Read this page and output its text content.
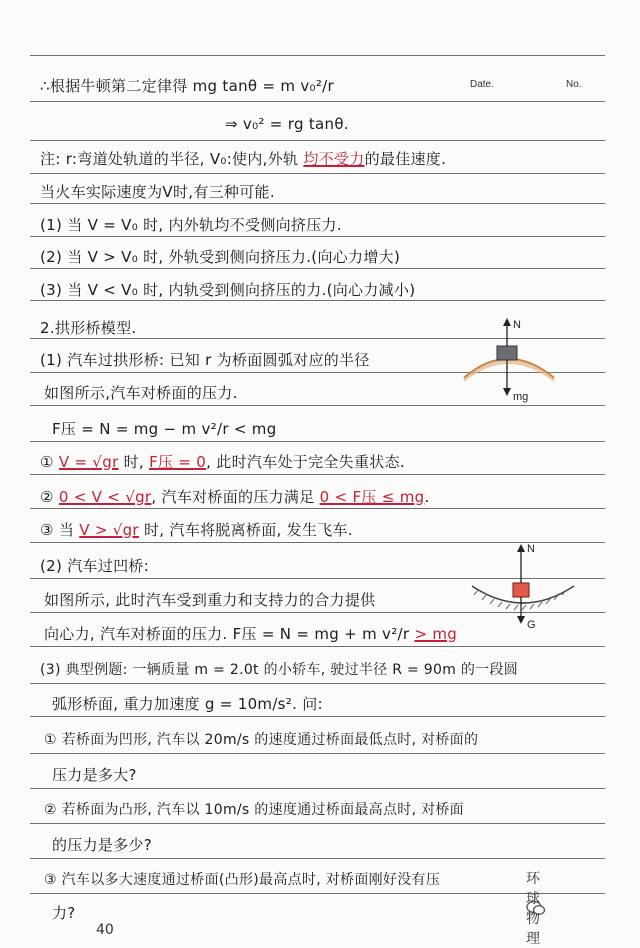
Date.	No.
∴根据牛顿第二定律得 mg tanθ = m v₀²/r
⇒ v₀² = rg tanθ.
注: r:弯道处轨道的半径, V₀:使内,外轨 均不受力的最佳速度.
当火车实际速度为V时,有三种可能.
(1) 当 V = V₀ 时, 内外轨均不受侧向挤压力.
(2) 当 V > V₀ 时, 外轨受到侧向挤压力.(向心力增大)
(3) 当 V < V₀ 时, 内轨受到侧向挤压的力.(向心力减小)
2.拱形桥模型.
(1) 汽车过拱形桥: 已知 r 为桥面圆弧对应的半径
如图所示,汽车对桥面的压力.
F压 = N = mg − m v²/r < mg
① V = √gr 时, F压 = 0, 此时汽车处于完全失重状态.
② 0 < V < √gr, 汽车对桥面的压力满足 0 < F压 ≤ mg.
③ 当 V > √gr 时, 汽车将脱离桥面, 发生飞车.
(2) 汽车过凹桥:
如图所示, 此时汽车受到重力和支持力的合力提供
向心力, 汽车对桥面的压力. F压 = N = mg + m v²/r > mg
(3) 典型例题: 一辆质量 m = 2.0t 的小轿车, 驶过半径 R = 90m 的一段圆
弧形桥面, 重力加速度 g = 10m/s². 问:
① 若桥面为凹形, 汽车以 20m/s 的速度通过桥面最低点时, 对桥面的
压力是多大?
② 若桥面为凸形, 汽车以 10m/s 的速度通过桥面最高点时, 对桥面
的压力是多少?
③ 汽车以多大速度通过桥面(凸形)最高点时, 对桥面刚好没有压
力?
N
mg
N
G
环球物理
40
